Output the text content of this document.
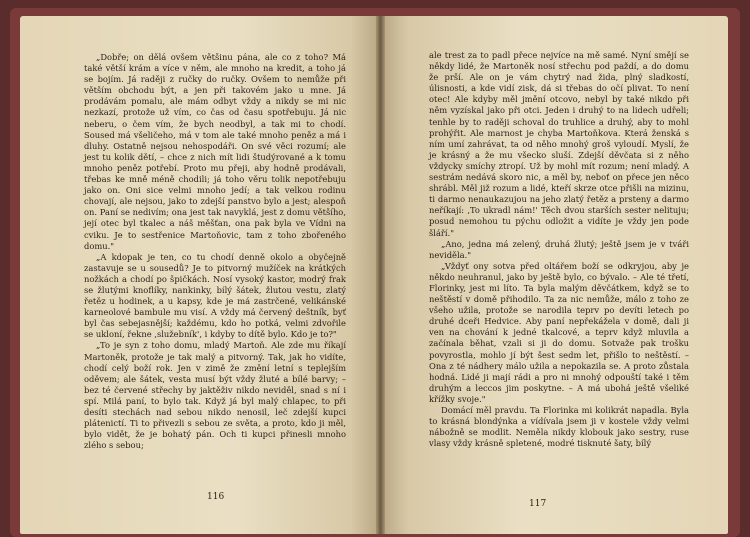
„Dobře; on dělá ovšem většinu pána, ale co z toho? Má také větší krám a více v něm, ale mnoho na kredit, a toho já se bojím. Já raději z ručky do ručky. Ovšem to nemůže při větším obchodu být, a jen při takovém jako u mne. Já prodávám pomalu, ale mám odbyt vždy a nikdy se mi nic nezkazí, protože už vím, co čas od času spotřebuju. Já nic neberu, o čem vím, že bych neodbyl, a tak mi to chodí. Soused má všeličeho, má v tom ale také mnoho peněz a má i dluhy. Ostatně nejsou nehospodáři. On své věci rozumí; ale jest tu kolik dětí, – chce z nich mít lidi študýrované a k tomu mnoho peněz potřebí. Proto mu přeji, aby hodně prodávali, třebas ke mně méně chodili; já toho věru tolik nepotřebuju jako on. Oni sice velmi mnoho jedí; a tak velkou rodinu chovají, ale nejsou, jako to zdejší panstvo bylo a jest; alespoň on. Paní se nedivím; ona jest tak navyklá, jest z domu většího, její otec byl tkalec a náš měšťan, ona pak byla ve Vídni na cviku. Je to sestřenice Martoňovic, tam z toho zbořeného domu."

„A kdopak je ten, co tu chodí denně okolo a obyčejně zastavuje se u sousedů? Je to pitvorný mužíček na krátkých nožkách a chodí po špičkách. Nosí vysoký kastor, modrý frak se žlutými knoflíky, nankinky, bílý šátek, žlutou vestu, zlatý řetěz u hodinek, a u kapsy, kde je má zastrčené, velikánské karneolové bambule mu visí. A vždy má červený deštník, byť byl čas sebejasnější; každému, kdo ho potká, velmi zdvořile se ukloní, řekne ‚služebník', i kdyby to dítě bylo. Kdo je to?"

„To je syn z toho domu, mladý Martoň. Ale zde mu říkají Martoněk, protože je tak malý a pitvorný. Tak, jak ho vidíte, chodí celý boží rok. Jen v zimě že změní letní s teplejším oděvem; ale šátek, vesta musí být vždy žluté a bílé barvy; – bez té červené střechy by jaktěživ nikdo neviděl, snad s ní i spí. Milá paní, to bylo tak. Když já byl malý chlapec, to při desíti stechách nad sebou nikdo nenosil, leč zdejší kupci plátenictí. Ti to přivezli s sebou ze světa, a proto, kdo ji měl, bylo vidět, že je bohatý pán. Och ti kupci přinesli mnoho zlého s sebou;

116

ale trest za to padl přece nejvíce na mě samé. Nyní smějí se někdy lidé, že Martoněk nosí střechu pod paždí, a do domu že prší. Ale on je vám chytrý nad žida, plný sladkostí, úlisnosti, a kde vidí zisk, dá si třebas do očí plivat. To není otec! Ale kdyby měl jmění otcovo, nebyl by také nikdo při něm vyzískal jako při otci. Jeden i druhý to na lidech udřeli; tenhle by to raději schoval do truhlice a druhý, aby to mohl prohýřit. Ale marnost je chyba Martoňkova. Která ženská s ním umí zahrávat, ta od něho mnohý groš vyloudí. Myslí, že je krásný a že mu všecko sluší. Zdejší děvčata si z něho vždycky smíchy ztropí. Už by mohl mít rozum; není mladý. A sestrám nedává skoro nic, a měl by, neboť on přece jen něco shrábl. Měl již rozum a lidé, kteří skrze otce přišli na mizinu, ti darmo nenaukazujou na jeho zlatý řetěz a prsteny a darmo neříkají: ‚To ukradl nám!' Těch dvou starších sester nelituju; posud nemohou tu pýchu odložit a vidíte je vždy jen pode šláří."

„Ano, jedna má zelený, druhá žlutý; ještě jsem je v tváři neviděla."

„Vždyť ony sotva před oltářem boží se odkryjou, aby je někdo neuhranul, jako by ještě bylo, co bývalo. – Ale té třetí, Florinky, jest mi líto. Ta byla malým děvčátkem, když se to neštěstí v domě přihodilo. Ta za nic nemůže, málo z toho ze všeho užila, protože se narodila teprv po devíti letech po druhé dceři Hedvice. Aby paní nepřekážela v domě, dali ji ven na chování k jedné tkalcové, a teprv když mluvila a začínala běhat, vzali si ji do domu. Sotvaže pak trošku povyrostla, mohlo jí být šest sedm let, přišlo to neštěstí. – Ona z té nádhery málo užila a nepokazila se. A proto zůstala hodná. Lidé ji mají rádi a pro ni mnohý odpouští také i těm druhým a leccos jim poskytne. – A má ubohá ještě všeliké křížky svoje."

Domácí měl pravdu. Ta Florinka mi kolikrát napadla. Byla to krásná blondýnka a vídívala jsem ji v kostele vždy velmi nábožně se modlit. Neměla nikdy klobouk jako sestry, ruse vlasy vždy krásně spletené, modré tisknuté šaty, bílý

117
